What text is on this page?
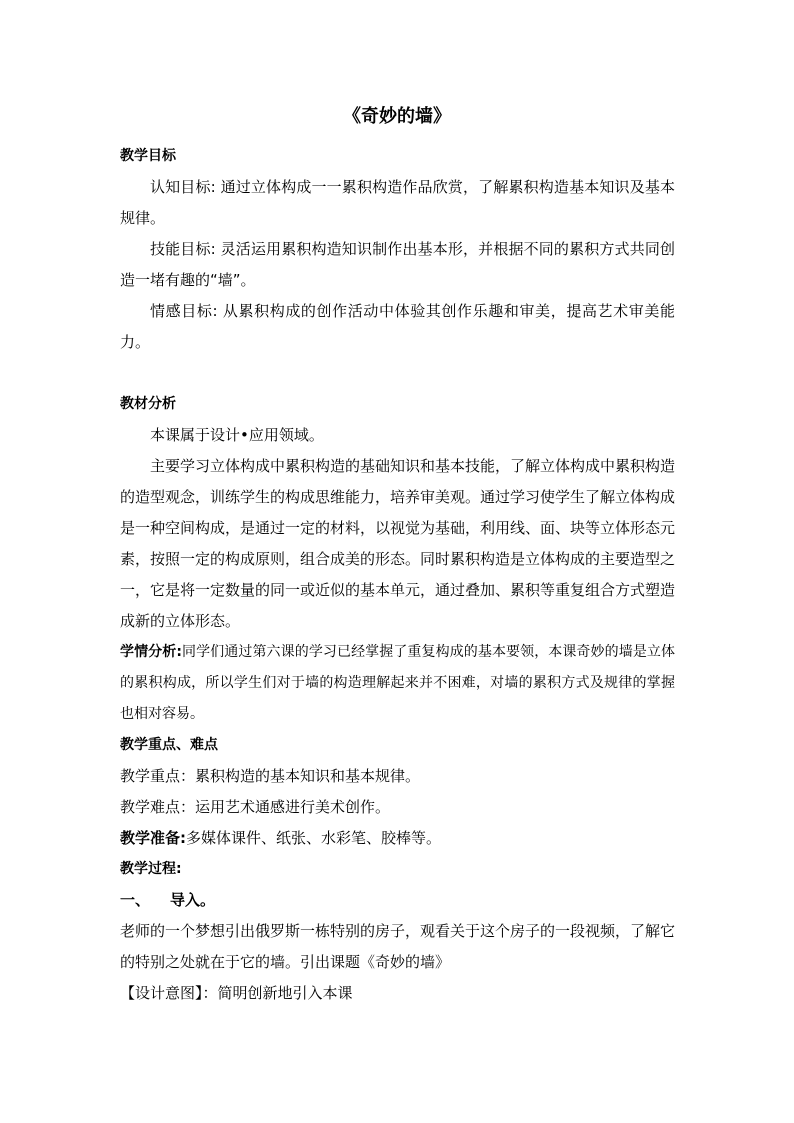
《奇妙的墙》

教学目标

认知目标: 通过立体构成一一累积构造作品欣赏，了解累积构造基本知识及基本规律。

技能目标: 灵活运用累积构造知识制作出基本形，并根据不同的累积方式共同创造一堵有趣的“墙”。

情感目标: 从累积构成的创作活动中体验其创作乐趣和审美，提高艺术审美能力。

教材分析

本课属于设计•应用领域。

主要学习立体构成中累积构造的基础知识和基本技能，了解立体构成中累积构造的造型观念，训练学生的构成思维能力，培养审美观。通过学习使学生了解立体构成是一种空间构成，是通过一定的材料，以视觉为基础，利用线、面、块等立体形态元素，按照一定的构成原则，组合成美的形态。同时累积构造是立体构成的主要造型之一，它是将一定数量的同一或近似的基本单元，通过叠加、累积等重复组合方式塑造成新的立体形态。

学情分析:同学们通过第六课的学习已经掌握了重复构成的基本要领，本课奇妙的墙是立体的累积构成，所以学生们对于墙的构造理解起来并不困难，对墙的累积方式及规律的掌握也相对容易。

教学重点、难点

教学重点：累积构造的基本知识和基本规律。

教学难点：运用艺术通感进行美术创作。

教学准备:多媒体课件、纸张、水彩笔、胶棒等。

教学过程:

一、	导入。

老师的一个梦想引出俄罗斯一栋特别的房子，观看关于这个房子的一段视频，了解它的特别之处就在于它的墙。引出课题《奇妙的墙》

【设计意图】：简明创新地引入本课
